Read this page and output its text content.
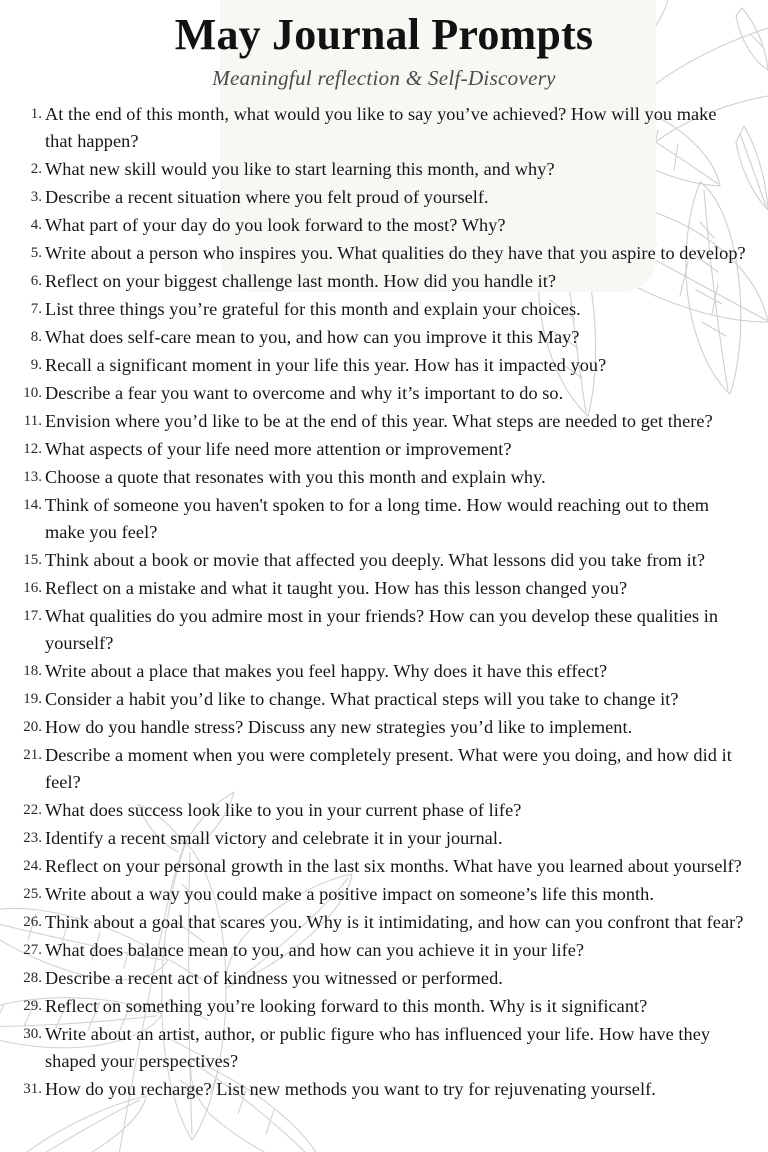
May Journal Prompts

Meaningful reflection & Self-Discovery

1. At the end of this month, what would you like to say you’ve achieved? How will you make that happen?
2. What new skill would you like to start learning this month, and why?
3. Describe a recent situation where you felt proud of yourself.
4. What part of your day do you look forward to the most? Why?
5. Write about a person who inspires you. What qualities do they have that you aspire to develop?
6. Reflect on your biggest challenge last month. How did you handle it?
7. List three things you’re grateful for this month and explain your choices.
8. What does self-care mean to you, and how can you improve it this May?
9. Recall a significant moment in your life this year. How has it impacted you?
10. Describe a fear you want to overcome and why it’s important to do so.
11. Envision where you’d like to be at the end of this year. What steps are needed to get there?
12. What aspects of your life need more attention or improvement?
13. Choose a quote that resonates with you this month and explain why.
14. Think of someone you haven't spoken to for a long time. How would reaching out to them make you feel?
15. Think about a book or movie that affected you deeply. What lessons did you take from it?
16. Reflect on a mistake and what it taught you. How has this lesson changed you?
17. What qualities do you admire most in your friends? How can you develop these qualities in yourself?
18. Write about a place that makes you feel happy. Why does it have this effect?
19. Consider a habit you’d like to change. What practical steps will you take to change it?
20. How do you handle stress? Discuss any new strategies you’d like to implement.
21. Describe a moment when you were completely present. What were you doing, and how did it feel?
22. What does success look like to you in your current phase of life?
23. Identify a recent small victory and celebrate it in your journal.
24. Reflect on your personal growth in the last six months. What have you learned about yourself?
25. Write about a way you could make a positive impact on someone’s life this month.
26. Think about a goal that scares you. Why is it intimidating, and how can you confront that fear?
27. What does balance mean to you, and how can you achieve it in your life?
28. Describe a recent act of kindness you witnessed or performed.
29. Reflect on something you’re looking forward to this month. Why is it significant?
30. Write about an artist, author, or public figure who has influenced your life. How have they shaped your perspectives?
31. How do you recharge? List new methods you want to try for rejuvenating yourself.
